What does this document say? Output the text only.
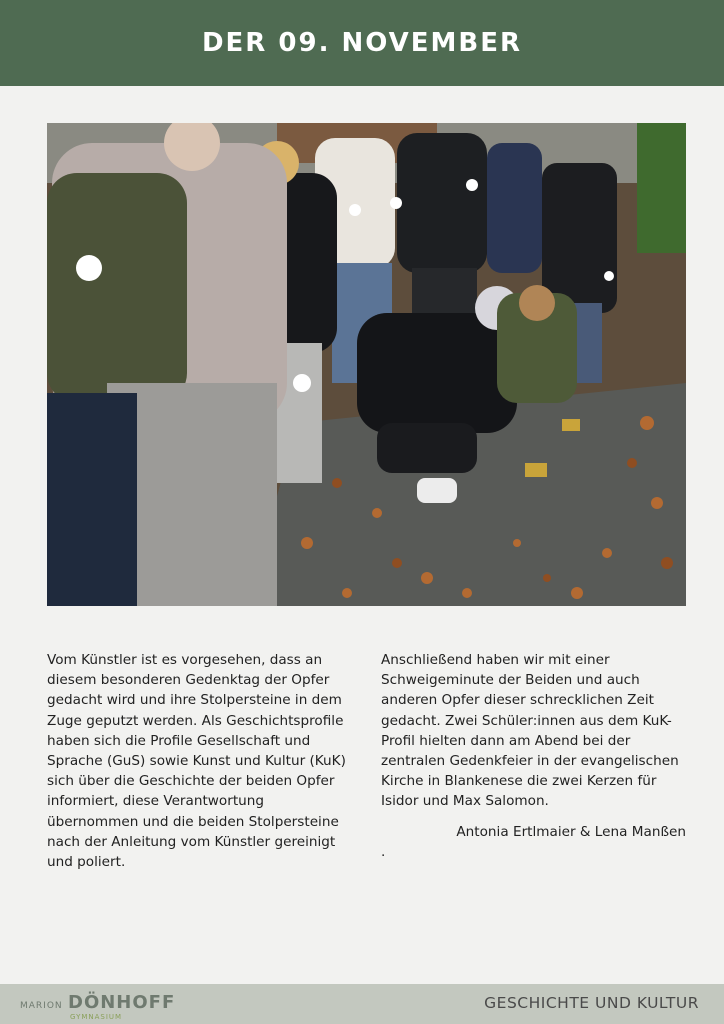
DER 09. NOVEMBER

Vom Künstler ist es vorgesehen, dass an diesem besonderen Gedenktag der Opfer gedacht wird und ihre Stolpersteine in dem Zuge geputzt werden. Als Geschichtsprofile haben sich die Profile Gesellschaft und Sprache (GuS) sowie Kunst und Kultur (KuK) sich über die Geschichte der beiden Opfer informiert, diese Verantwortung übernommen und die beiden Stolpersteine nach der Anleitung vom Künstler gereinigt und poliert.

Anschließend haben wir mit einer Schweigeminute der Beiden und auch anderen Opfer dieser schrecklichen Zeit gedacht. Zwei Schüler:innen aus dem KuK-Profil hielten dann am Abend bei der zentralen Gedenkfeier in der evangelischen Kirche in Blankenese die zwei Kerzen für Isidor und Max Salomon.

Antonia Ertlmaier & Lena Manßen

.

MARION DÖNHOFF
GYMNASIUM
GESCHICHTE UND KULTUR
